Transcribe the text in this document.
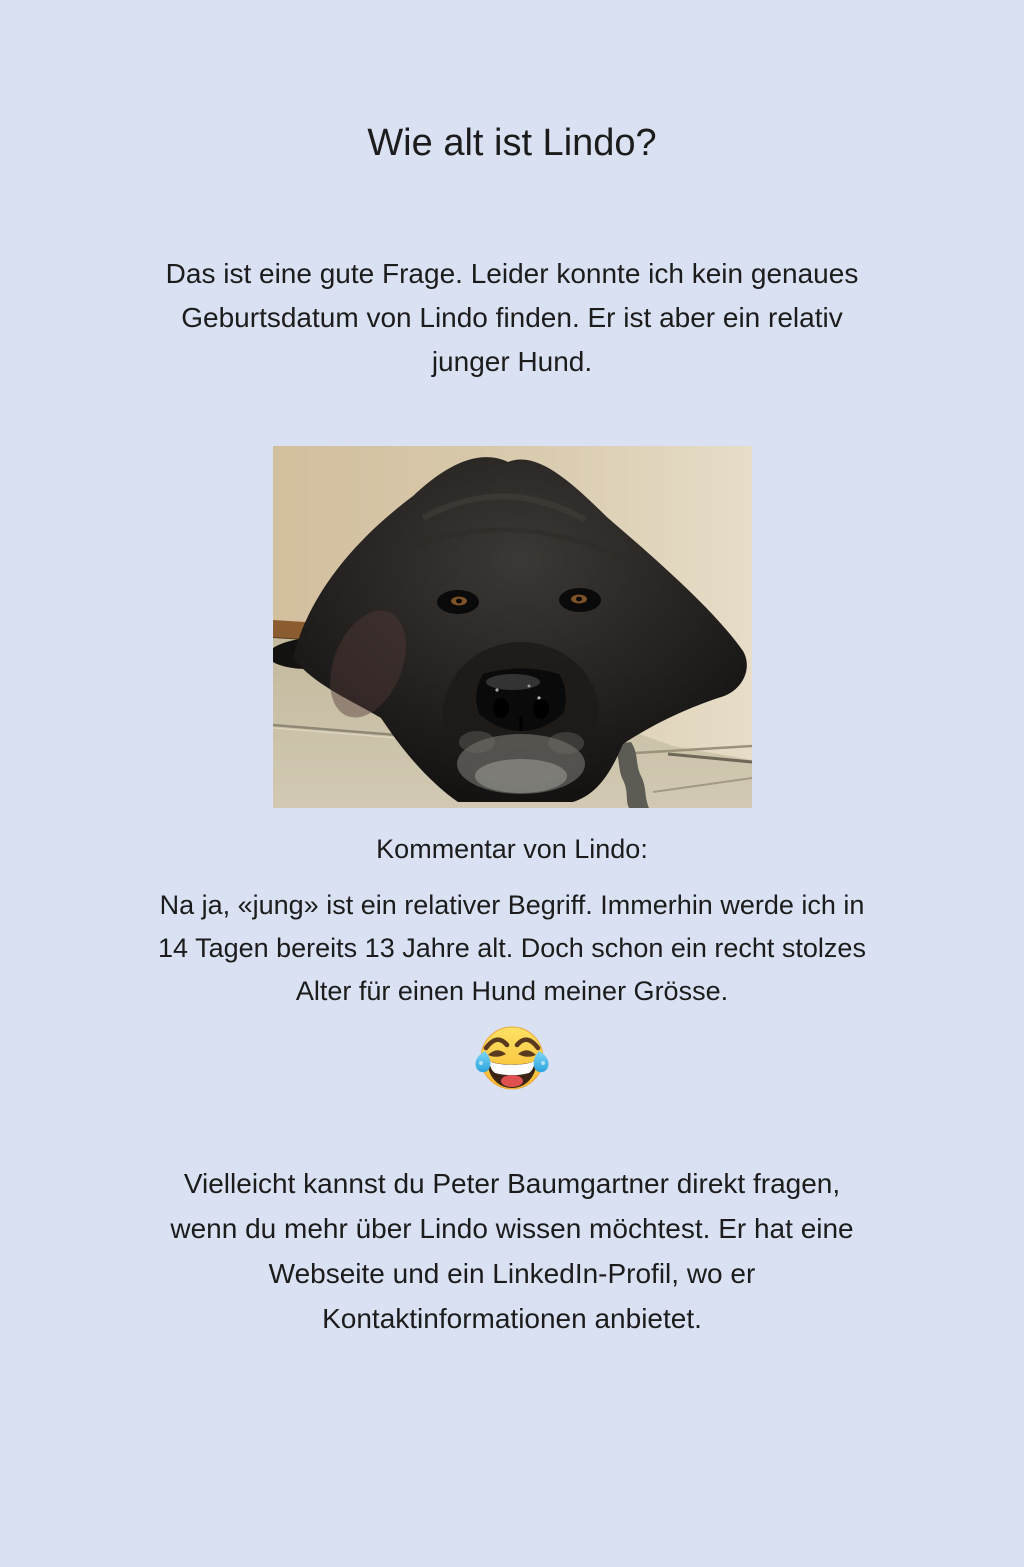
Wie alt ist Lindo?
Das ist eine gute Frage. Leider konnte ich kein genaues
Geburtsdatum von Lindo finden. Er ist aber ein relativ
junger Hund.
Kommentar von Lindo:
Na ja, «jung» ist ein relativer Begriff. Immerhin werde ich in
14 Tagen bereits 13 Jahre alt. Doch schon ein recht stolzes
Alter für einen Hund meiner Grösse.
Vielleicht kannst du Peter Baumgartner direkt fragen,
wenn du mehr über Lindo wissen möchtest. Er hat eine
Webseite und ein LinkedIn-Profil, wo er
Kontaktinformationen anbietet.
